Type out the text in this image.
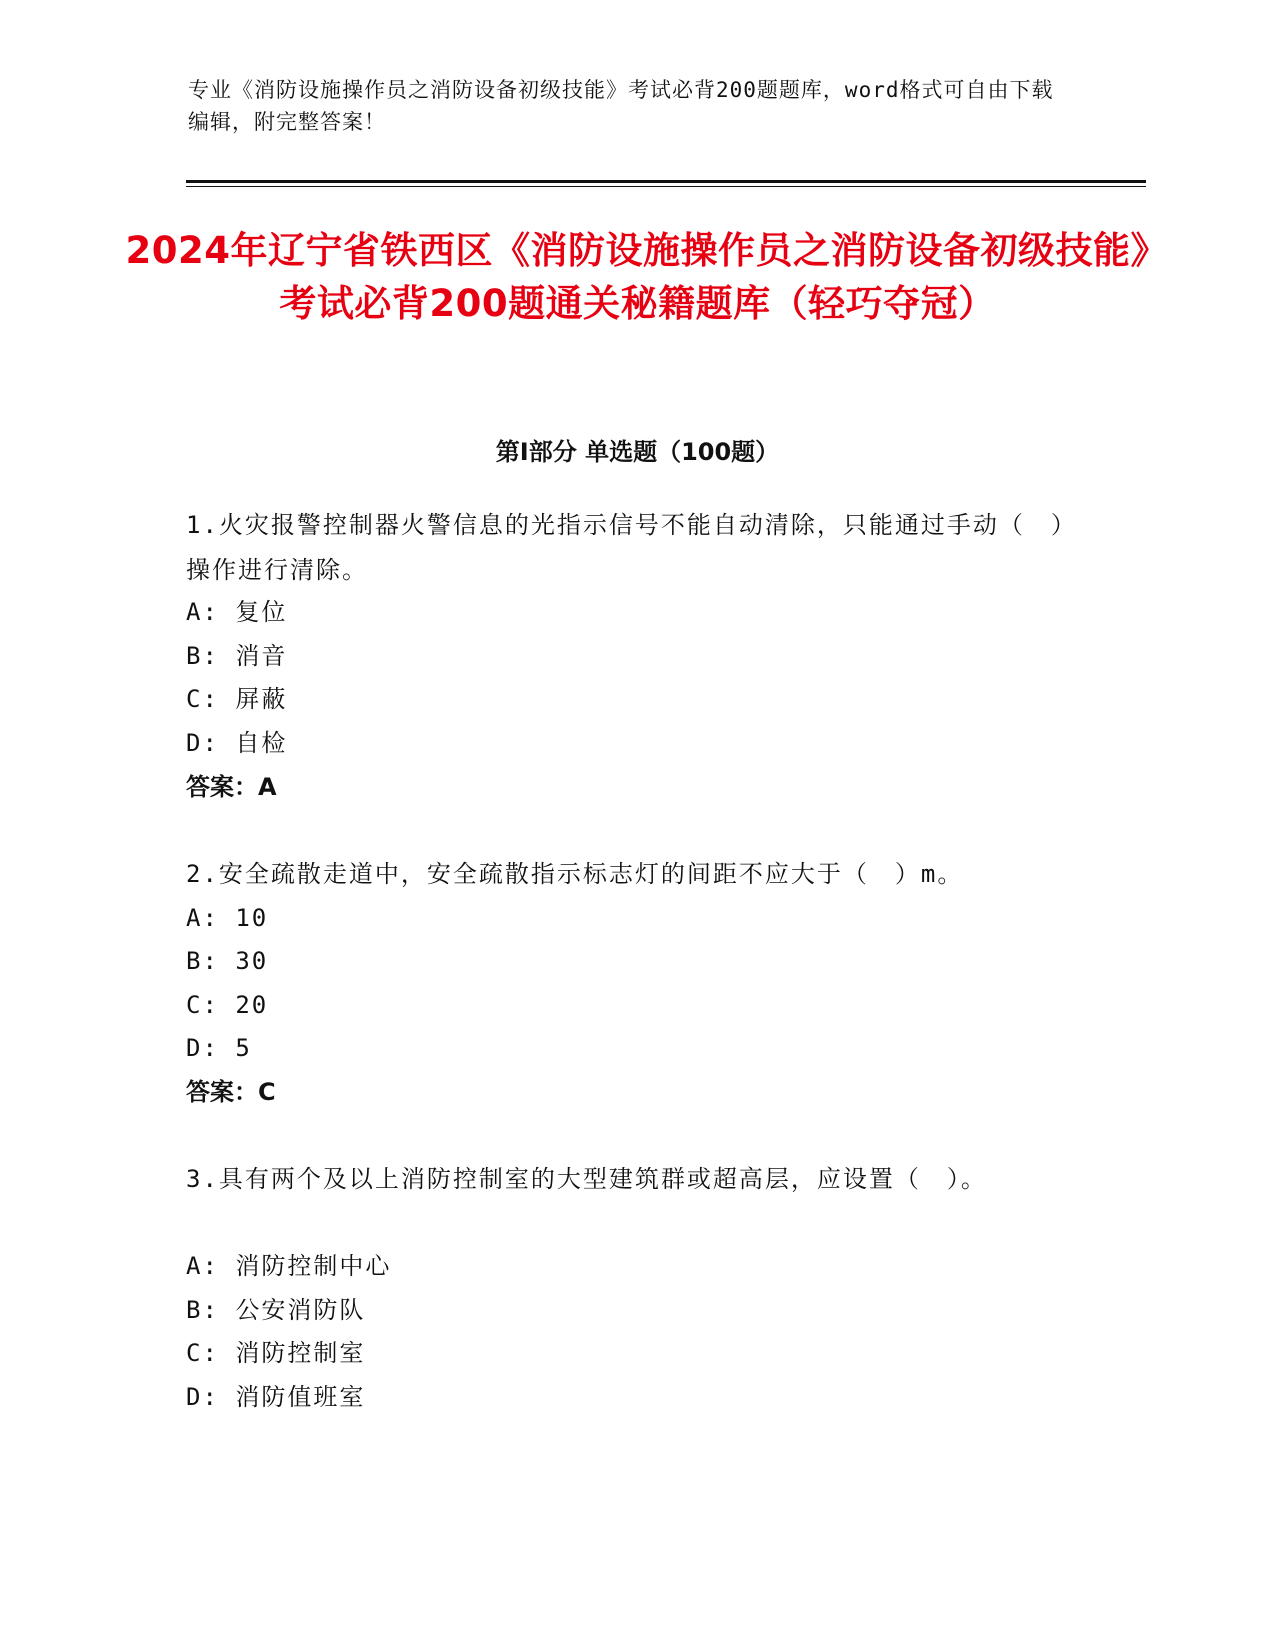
专业《消防设施操作员之消防设备初级技能》考试必背200题题库，word格式可自由下载编辑，附完整答案！
2024年辽宁省铁西区《消防设施操作员之消防设备初级技能》考试必背200题通关秘籍题库（轻巧夺冠）
第Ⅰ部分 单选题（100题）
1.火灾报警控制器火警信息的光指示信号不能自动清除，只能通过手动（　）操作进行清除。
A: 复位
B: 消音
C: 屏蔽
D: 自检
答案：A
2.安全疏散走道中，安全疏散指示标志灯的间距不应大于（　）m。
A: 10
B: 30
C: 20
D: 5
答案：C
3.具有两个及以上消防控制室的大型建筑群或超高层，应设置（　）。
A: 消防控制中心
B: 公安消防队
C: 消防控制室
D: 消防值班室
